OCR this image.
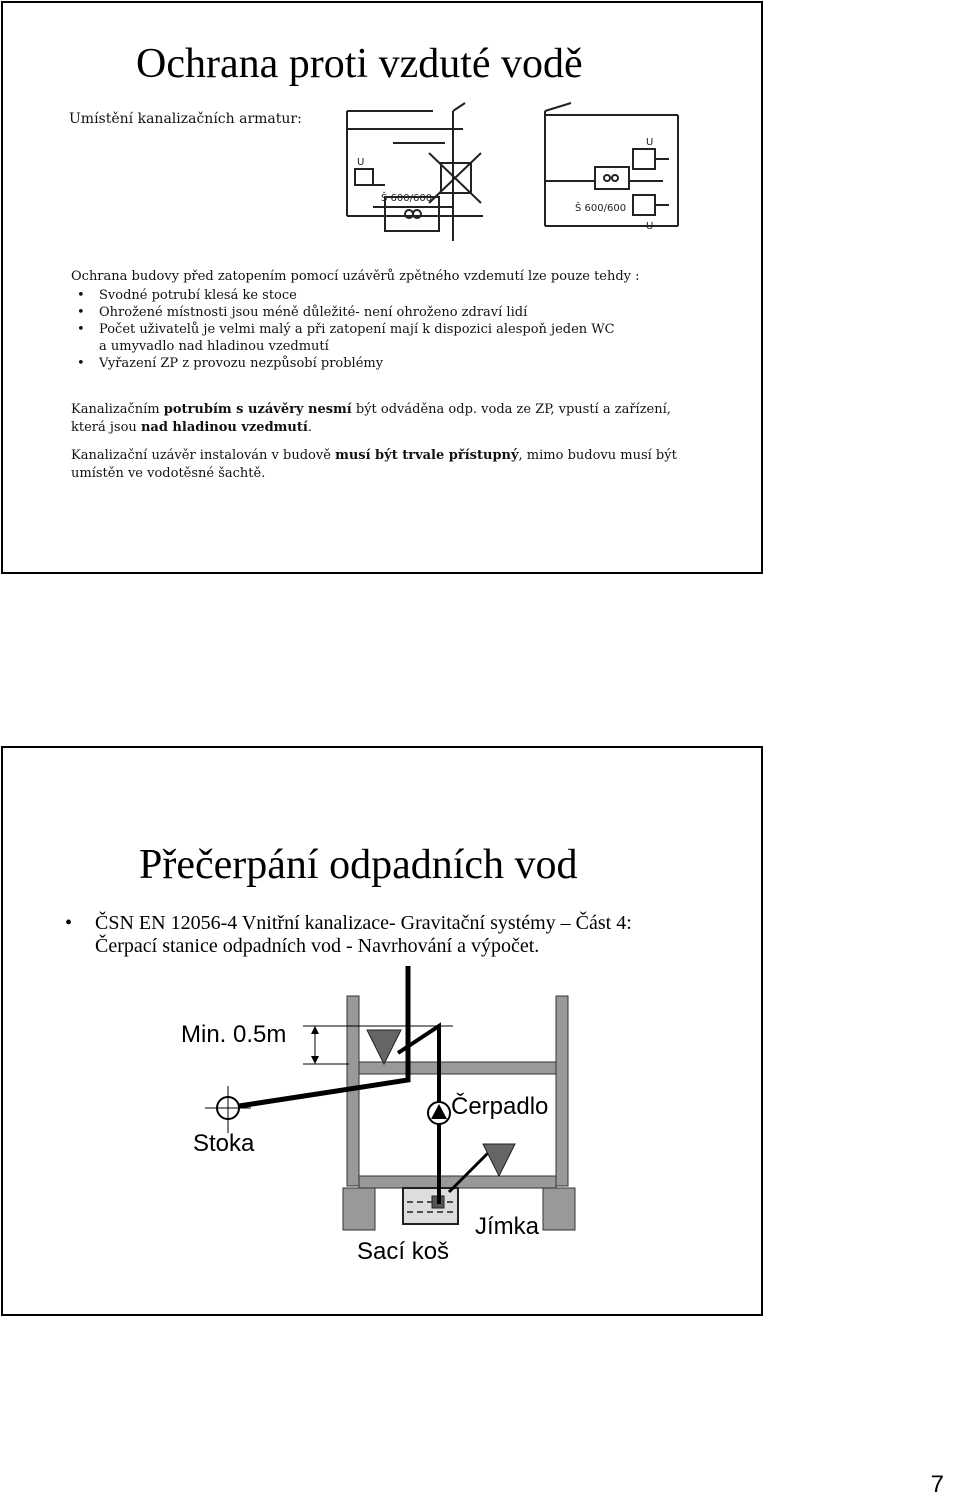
Ochrana proti vzduté vodě
Umístění kanalizačních armatur:
U
U
U
Š 600/600
Š 600/600
Ochrana budovy před zatopením pomocí uzávěrů zpětného vzdemutí lze pouze tehdy :
• Svodné potrubí klesá ke stoce
• Ohrožené místnosti jsou méně důležité- není ohroženo zdraví lidí
• Počet uživatelů je velmi malý a při zatopení mají k dispozici alespoň jeden WC
a umyvadlo nad hladinou vzedmutí
• Vyřazení ZP z provozu nezpůsobí problémy
Kanalizačním potrubím s uzávěry nesmí být odváděna odp. voda ze ZP, vpustí a zařízení,
která jsou nad hladinou vzedmutí.
Kanalizační uzávěr instalován v budově musí být trvale přístupný, mimo budovu musí být
umístěn ve vodotěsné šachtě.
Přečerpání odpadních vod
• ČSN EN 12056-4 Vnitřní kanalizace- Gravitační systémy – Část 4:
Čerpací stanice odpadních vod - Navrhování a výpočet.
Min. 0.5m
Stoka
Čerpadlo
Jímka
Sací koš
7
